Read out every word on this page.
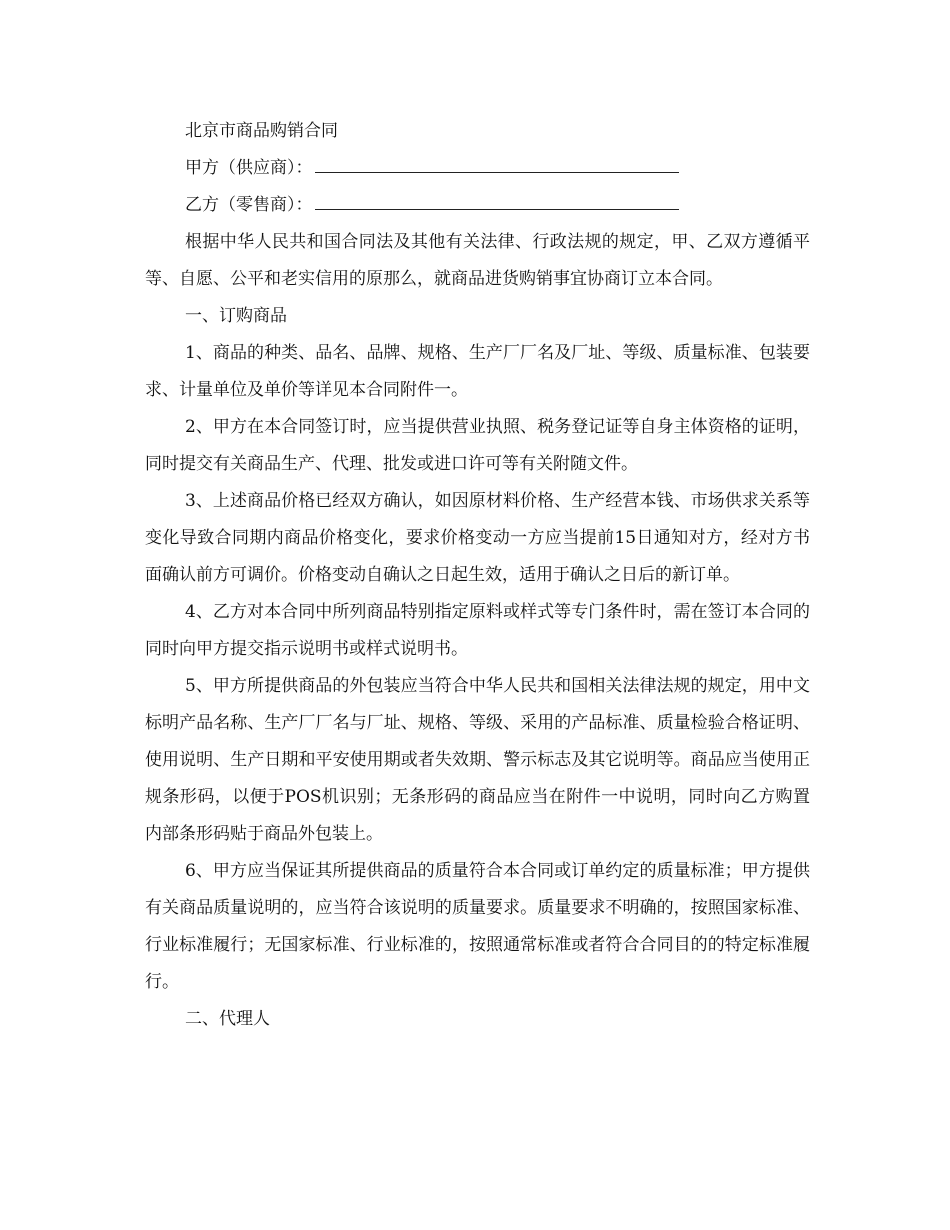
北京市商品购销合同

甲方（供应商）：

乙方（零售商）：

根据中华人民共和国合同法及其他有关法律、行政法规的规定，甲、乙双方遵循平等、自愿、公平和老实信用的原那么，就商品进货购销事宜协商订立本合同。

一、订购商品

1、商品的种类、品名、品牌、规格、生产厂厂名及厂址、等级、质量标准、包装要求、计量单位及单价等详见本合同附件一。

2、甲方在本合同签订时，应当提供营业执照、税务登记证等自身主体资格的证明，同时提交有关商品生产、代理、批发或进口许可等有关附随文件。

3、上述商品价格已经双方确认，如因原材料价格、生产经营本钱、市场供求关系等变化导致合同期内商品价格变化，要求价格变动一方应当提前15日通知对方，经对方书面确认前方可调价。价格变动自确认之日起生效，适用于确认之日后的新订单。

4、乙方对本合同中所列商品特别指定原料或样式等专门条件时，需在签订本合同的同时向甲方提交指示说明书或样式说明书。

5、甲方所提供商品的外包装应当符合中华人民共和国相关法律法规的规定，用中文标明产品名称、生产厂厂名与厂址、规格、等级、采用的产品标准、质量检验合格证明、使用说明、生产日期和平安使用期或者失效期、警示标志及其它说明等。商品应当使用正规条形码，以便于POS机识别；无条形码的商品应当在附件一中说明，同时向乙方购置内部条形码贴于商品外包装上。

6、甲方应当保证其所提供商品的质量符合本合同或订单约定的质量标准；甲方提供有关商品质量说明的，应当符合该说明的质量要求。质量要求不明确的，按照国家标准、行业标准履行；无国家标准、行业标准的，按照通常标准或者符合合同目的的特定标准履行。

二、代理人
